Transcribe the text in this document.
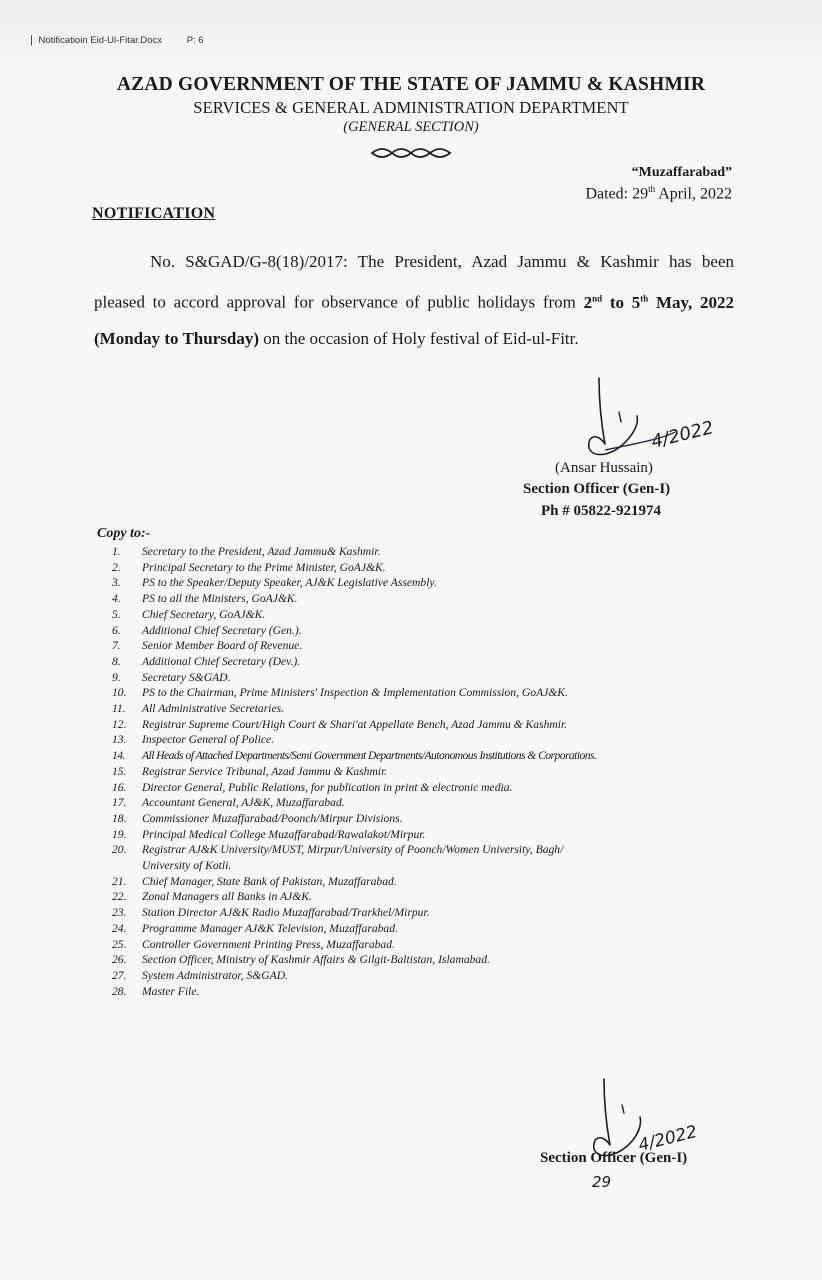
| Notificatioin Eid-Ul-Fitar.Docx	P: 6
AZAD GOVERNMENT OF THE STATE OF JAMMU & KASHMIR
SERVICES & GENERAL ADMINISTRATION DEPARTMENT
(GENERAL SECTION)
“Muzaffarabad”
Dated: 29th April, 2022
NOTIFICATION
No. S&GAD/G-8(18)/2017: The President, Azad Jammu & Kashmir has been pleased to accord approval for observance of public holidays from 2nd to 5th May, 2022 (Monday to Thursday) on the occasion of Holy festival of Eid-ul-Fitr.
4/2022
(Ansar Hussain)
Section Officer (Gen-I)
Ph # 05822-921974
Copy to:-
1. Secretary to the President, Azad Jammu& Kashmir.
2. Principal Secretary to the Prime Minister, GoAJ&K.
3. PS to the Speaker/Deputy Speaker, AJ&K Legislative Assembly.
4. PS to all the Ministers, GoAJ&K.
5. Chief Secretary, GoAJ&K.
6. Additional Chief Secretary (Gen.).
7. Senior Member Board of Revenue.
8. Additional Chief Secretary (Dev.).
9. Secretary S&GAD.
10. PS to the Chairman, Prime Ministers' Inspection & Implementation Commission, GoAJ&K.
11. All Administrative Secretaries.
12. Registrar Supreme Court/High Court & Shari'at Appellate Bench, Azad Jammu & Kashmir.
13. Inspector General of Police.
14. All Heads of Attached Departments/Semi Government Departments/Autonomous Institutions & Corporations.
15. Registrar Service Tribunal, Azad Jammu & Kashmir.
16. Director General, Public Relations, for publication in print & electronic media.
17. Accountant General, AJ&K, Muzaffarabad.
18. Commissioner Muzaffarabad/Poonch/Mirpur Divisions.
19. Principal Medical College Muzaffarabad/Rawalakot/Mirpur.
20. Registrar AJ&K University/MUST, Mirpur/University of Poonch/Women University, Bagh/
University of Kotli.
21. Chief Manager, State Bank of Pakistan, Muzaffarabad.
22. Zonal Managers all Banks in AJ&K.
23. Station Director AJ&K Radio Muzaffarabad/Trarkhel/Mirpur.
24. Programme Manager AJ&K Television, Muzaffarabad.
25. Controller Government Printing Press, Muzaffarabad.
26. Section Officer, Ministry of Kashmir Affairs & Gilgit-Baltistan, Islamabad.
27. System Administrator, S&GAD.
28. Master File.
4/2022
29
Section Officer (Gen-I)
